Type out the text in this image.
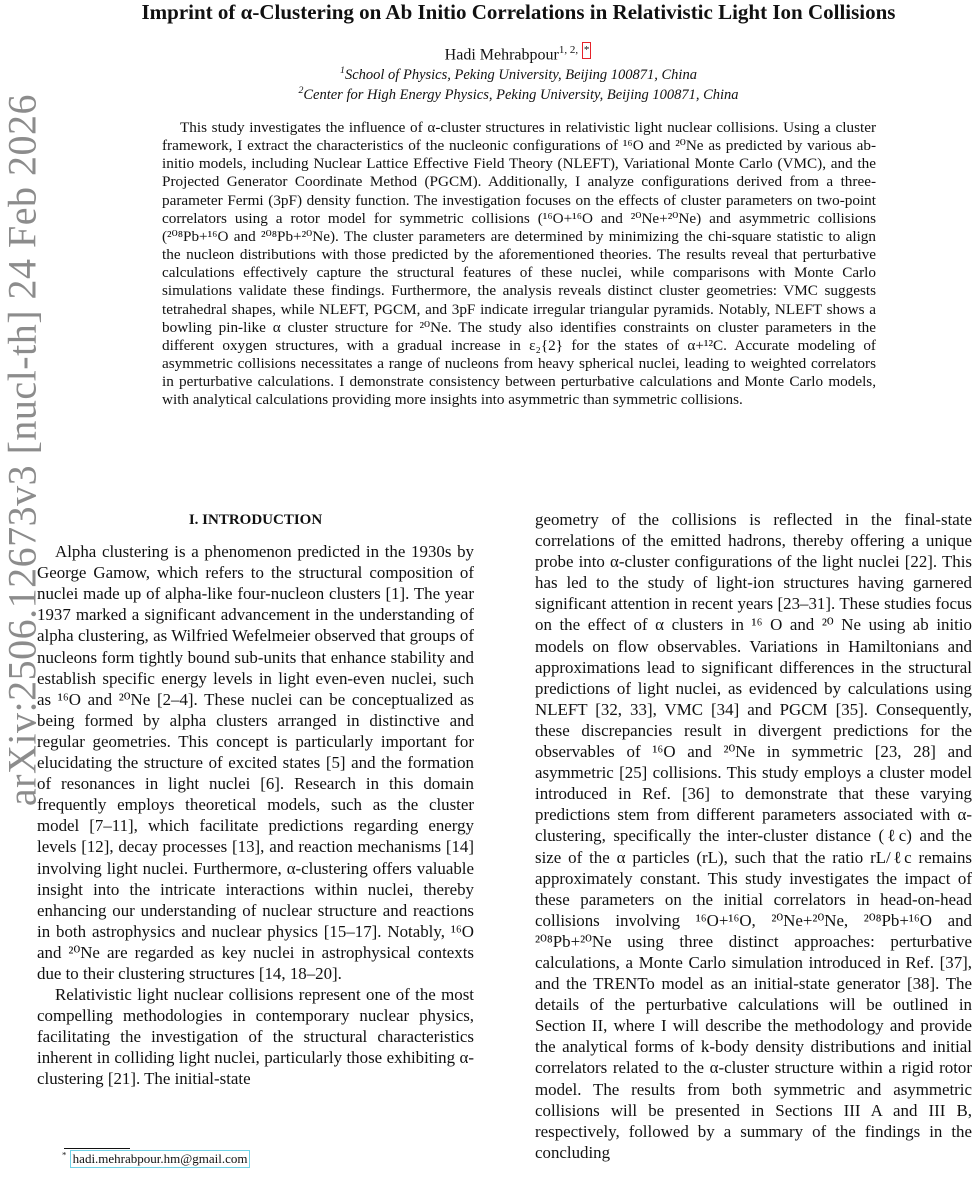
arXiv:2506.12673v3 [nucl-th] 24 Feb 2026
Imprint of α-Clustering on Ab Initio Correlations in Relativistic Light Ion Collisions
Hadi Mehrabpour$^{1, 2,}$ *
$^1$School of Physics, Peking University, Beijing 100871, China
$^2$Center for High Energy Physics, Peking University, Beijing 100871, China
This study investigates the influence of α-cluster structures in relativistic light nuclear collisions. Using a cluster framework, I extract the characteristics of the nucleonic configurations of ¹⁶O and ²⁰Ne as predicted by various ab-initio models, including Nuclear Lattice Effective Field Theory (NLEFT), Variational Monte Carlo (VMC), and the Projected Generator Coordinate Method (PGCM). Additionally, I analyze configurations derived from a three-parameter Fermi (3pF) density function. The investigation focuses on the effects of cluster parameters on two-point correlators using a rotor model for symmetric collisions (¹⁶O+¹⁶O and ²⁰Ne+²⁰Ne) and asymmetric collisions (²⁰⁸Pb+¹⁶O and ²⁰⁸Pb+²⁰Ne). The cluster parameters are determined by minimizing the chi-square statistic to align the nucleon distributions with those predicted by the aforementioned theories. The results reveal that perturbative calculations effectively capture the structural features of these nuclei, while comparisons with Monte Carlo simulations validate these findings. Furthermore, the analysis reveals distinct cluster geometries: VMC suggests tetrahedral shapes, while NLEFT, PGCM, and 3pF indicate irregular triangular pyramids. Notably, NLEFT shows a bowling pin-like α cluster structure for ²⁰Ne. The study also identifies constraints on cluster parameters in the different oxygen structures, with a gradual increase in ε₂{2} for the states of α+¹²C. Accurate modeling of asymmetric collisions necessitates a range of nucleons from heavy spherical nuclei, leading to weighted correlators in perturbative calculations. I demonstrate consistency between perturbative calculations and Monte Carlo models, with analytical calculations providing more insights into asymmetric than symmetric collisions.
I. INTRODUCTION

Alpha clustering is a phenomenon predicted in the 1930s by George Gamow, which refers to the structural composition of nuclei made up of alpha-like four-nucleon clusters [1]. The year 1937 marked a significant advancement in the understanding of alpha clustering, as Wilfried Wefelmeier observed that groups of nucleons form tightly bound sub-units that enhance stability and establish specific energy levels in light even-even nuclei, such as ¹⁶O and ²⁰Ne [2–4]. These nuclei can be conceptualized as being formed by alpha clusters arranged in distinctive and regular geometries. This concept is particularly important for elucidating the structure of excited states [5] and the formation of resonances in light nuclei [6]. Research in this domain frequently employs theoretical models, such as the cluster model [7–11], which facilitate predictions regarding energy levels [12], decay processes [13], and reaction mechanisms [14] involving light nuclei. Furthermore, α-clustering offers valuable insight into the intricate interactions within nuclei, thereby enhancing our understanding of nuclear structure and reactions in both astrophysics and nuclear physics [15–17]. Notably, ¹⁶O and ²⁰Ne are regarded as key nuclei in astrophysical contexts due to their clustering structures [14, 18–20].

Relativistic light nuclear collisions represent one of the most compelling methodologies in contemporary nuclear physics, facilitating the investigation of the structural characteristics inherent in colliding light nuclei, particularly those exhibiting α-clustering [21]. The initial-state

geometry of the collisions is reflected in the final-state correlations of the emitted hadrons, thereby offering a unique probe into α-cluster configurations of the light nuclei [22]. This has led to the study of light-ion structures having garnered significant attention in recent years [23–31]. These studies focus on the effect of α clusters in ¹⁶ O and ²⁰ Ne using ab initio models on flow observables. Variations in Hamiltonians and approximations lead to significant differences in the structural predictions of light nuclei, as evidenced by calculations using NLEFT [32, 33], VMC [34] and PGCM [35]. Consequently, these discrepancies result in divergent predictions for the observables of ¹⁶O and ²⁰Ne in symmetric [23, 28] and asymmetric [25] collisions. This study employs a cluster model introduced in Ref. [36] to demonstrate that these varying predictions stem from different parameters associated with α-clustering, specifically the inter-cluster distance (ℓc) and the size of the α particles (rL), such that the ratio rL/ℓc remains approximately constant. This study investigates the impact of these parameters on the initial correlators in head-on-head collisions involving ¹⁶O+¹⁶O, ²⁰Ne+²⁰Ne, ²⁰⁸Pb+¹⁶O and ²⁰⁸Pb+²⁰Ne using three distinct approaches: perturbative calculations, a Monte Carlo simulation introduced in Ref. [37], and the TRENTo model as an initial-state generator [38]. The details of the perturbative calculations will be outlined in Section II, where I will describe the methodology and provide the analytical forms of k-body density distributions and initial correlators related to the α-cluster structure within a rigid rotor model. The results from both symmetric and asymmetric collisions will be presented in Sections III A and III B, respectively, followed by a summary of the findings in the concluding

* hadi.mehrabpour.hm@gmail.com
